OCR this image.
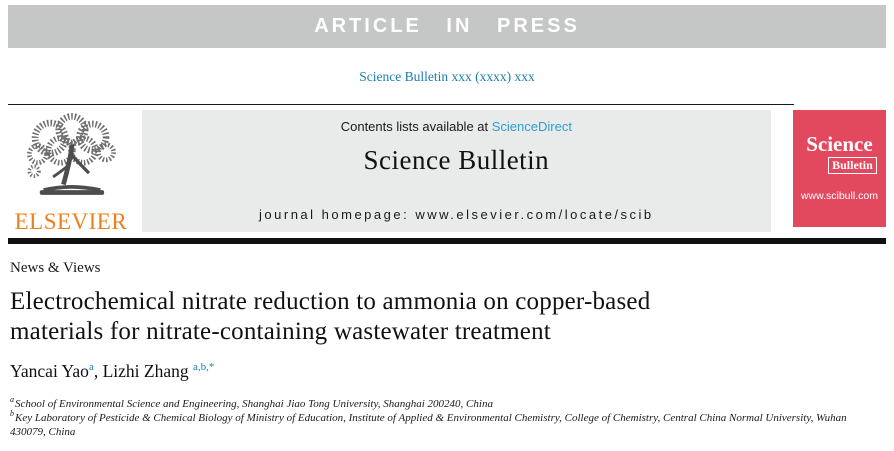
ARTICLE IN PRESS
Science Bulletin xxx (xxxx) xxx
ELSEVIER
Contents lists available at ScienceDirect
Science Bulletin
journal homepage: www.elsevier.com/locate/scib
Science
Bulletin
www.scibull.com
News & Views
Electrochemical nitrate reduction to ammonia on copper-based
materials for nitrate-containing wastewater treatment
Yancai Yao$^a$, Lizhi Zhang $^{a,b,*}$
$^a$School of Environmental Science and Engineering, Shanghai Jiao Tong University, Shanghai 200240, China
$^b$Key Laboratory of Pesticide & Chemical Biology of Ministry of Education, Institute of Applied & Environmental Chemistry, College of Chemistry, Central China Normal University, Wuhan 430079, China
